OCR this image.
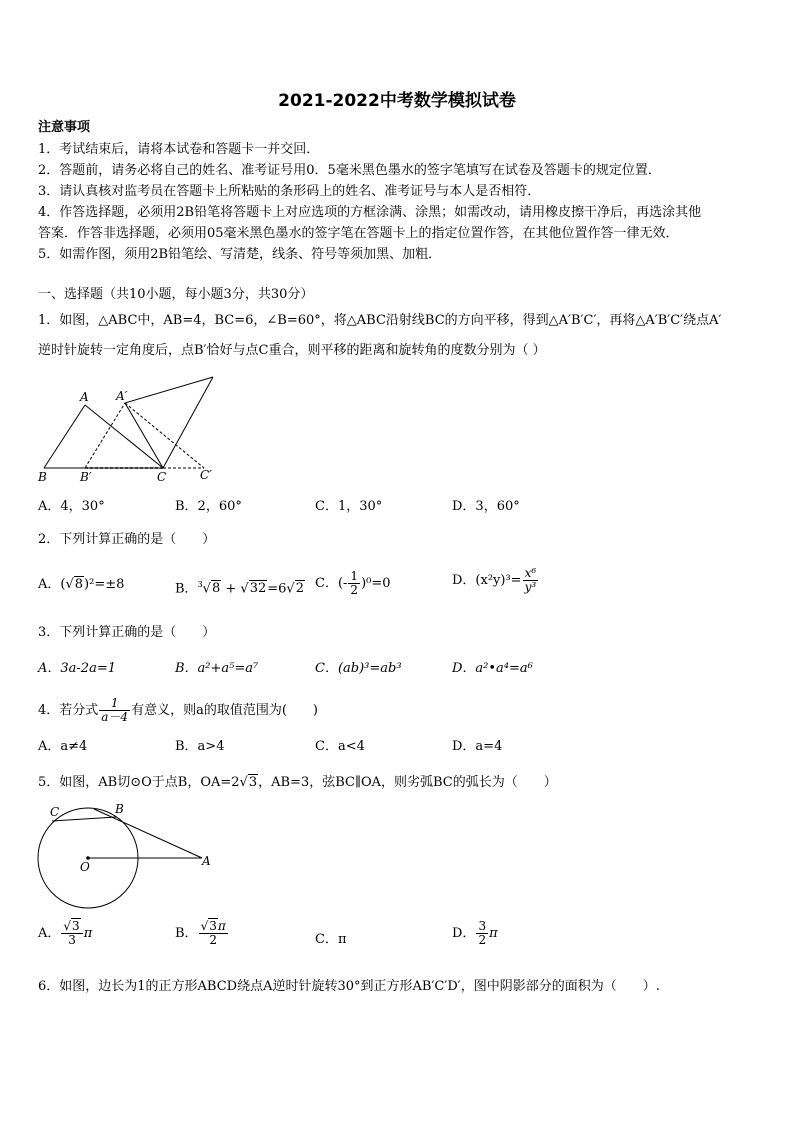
2021-2022中考数学模拟试卷
注意事项
1．考试结束后，请将本试卷和答题卡一并交回．
2．答题前，请务必将自己的姓名、准考证号用0．5毫米黑色墨水的签字笔填写在试卷及答题卡的规定位置．
3．请认真核对监考员在答题卡上所粘贴的条形码上的姓名、准考证号与本人是否相符．
4．作答选择题，必须用2B铅笔将答题卡上对应选项的方框涂满、涂黑；如需改动，请用橡皮擦干净后，再选涂其他
答案．作答非选择题，必须用05毫米黑色墨水的签字笔在答题卡上的指定位置作答，在其他位置作答一律无效．
5．如需作图，须用2B铅笔绘、写清楚，线条、符号等须加黑、加粗．
一、选择题（共10小题，每小题3分，共30分）
1．如图，△ABC中，AB=4，BC=6，∠B=60°，将△ABC沿射线BC的方向平移，得到△A′B′C′，再将△A′B′C′绕点A′
逆时针旋转一定角度后，点B′恰好与点C重合，则平移的距离和旋转角的度数分别为（ ）
A A′
B	B′	C	C′
A．4，30°	B．2，60°	C．1，30°	D．3，60°
2．下列计算正确的是（　　）
A．(√8)²=±8	B．$^3$√8 + √32=6√2 C．(- $\frac{1}{2} )^0=0$	D．$(x^2y)^3= \frac{\text{x⁶}}{\text{y³}}$
3．下列计算正确的是（　　）
A．3a-2a=1	B．a²+a⁵=a⁷	C．(ab)³=ab³	D．a²•a⁴=a⁶
4．若分式 $\frac{1}{a-4}$ 有意义，则a的取值范围为(　　)
A．a≠4	B．a>4	C．a<4	D．a=4
5．如图，AB切⊙O于点B，OA=2√3，AB=3，弦BC∥OA，则劣弧BC的弧长为（　　）
C	B
O	A
A． $\frac{√3}{3}$ π	B． $\frac{√3\pi}{2}$	C．π	D． $\frac{3}{2}$ π
6．如图，边长为1的正方形ABCD绕点A逆时针旋转30°到正方形AB′C′D′，图中阴影部分的面积为（　　）.
